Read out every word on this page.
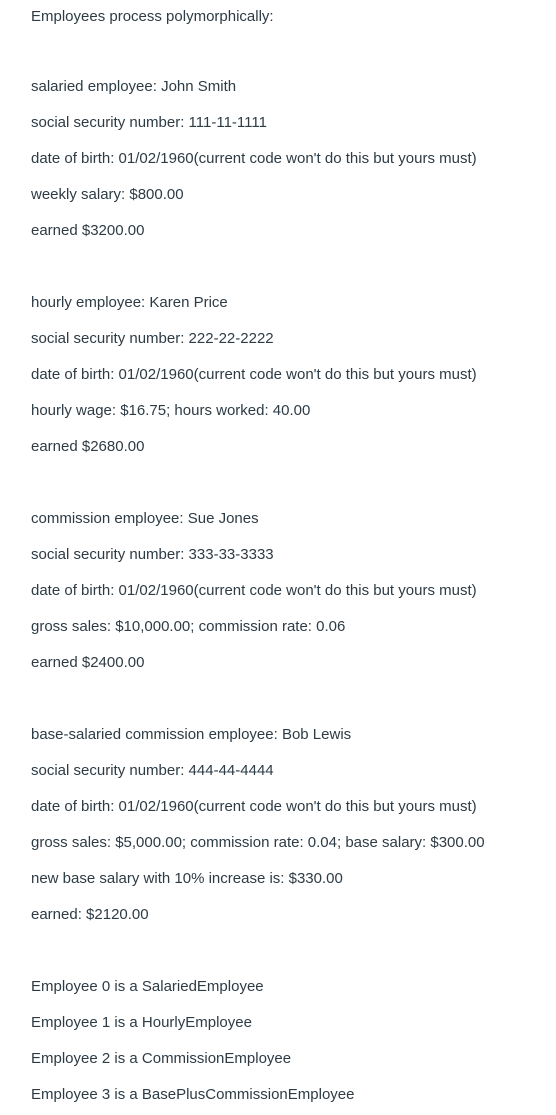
Employees process polymorphically:
salaried employee: John Smith
social security number: 111-11-1111
date of birth: 01/02/1960(current code won't do this but yours must)
weekly salary: $800.00
earned $3200.00
hourly employee: Karen Price
social security number: 222-22-2222
date of birth: 01/02/1960(current code won't do this but yours must)
hourly wage: $16.75; hours worked: 40.00
earned $2680.00
commission employee: Sue Jones
social security number: 333-33-3333
date of birth: 01/02/1960(current code won't do this but yours must)
gross sales: $10,000.00; commission rate: 0.06
earned $2400.00
base-salaried commission employee: Bob Lewis
social security number: 444-44-4444
date of birth: 01/02/1960(current code won't do this but yours must)
gross sales: $5,000.00; commission rate: 0.04; base salary: $300.00
new base salary with 10% increase is: $330.00
earned: $2120.00
Employee 0 is a SalariedEmployee
Employee 1 is a HourlyEmployee
Employee 2 is a CommissionEmployee
Employee 3 is a BasePlusCommissionEmployee
